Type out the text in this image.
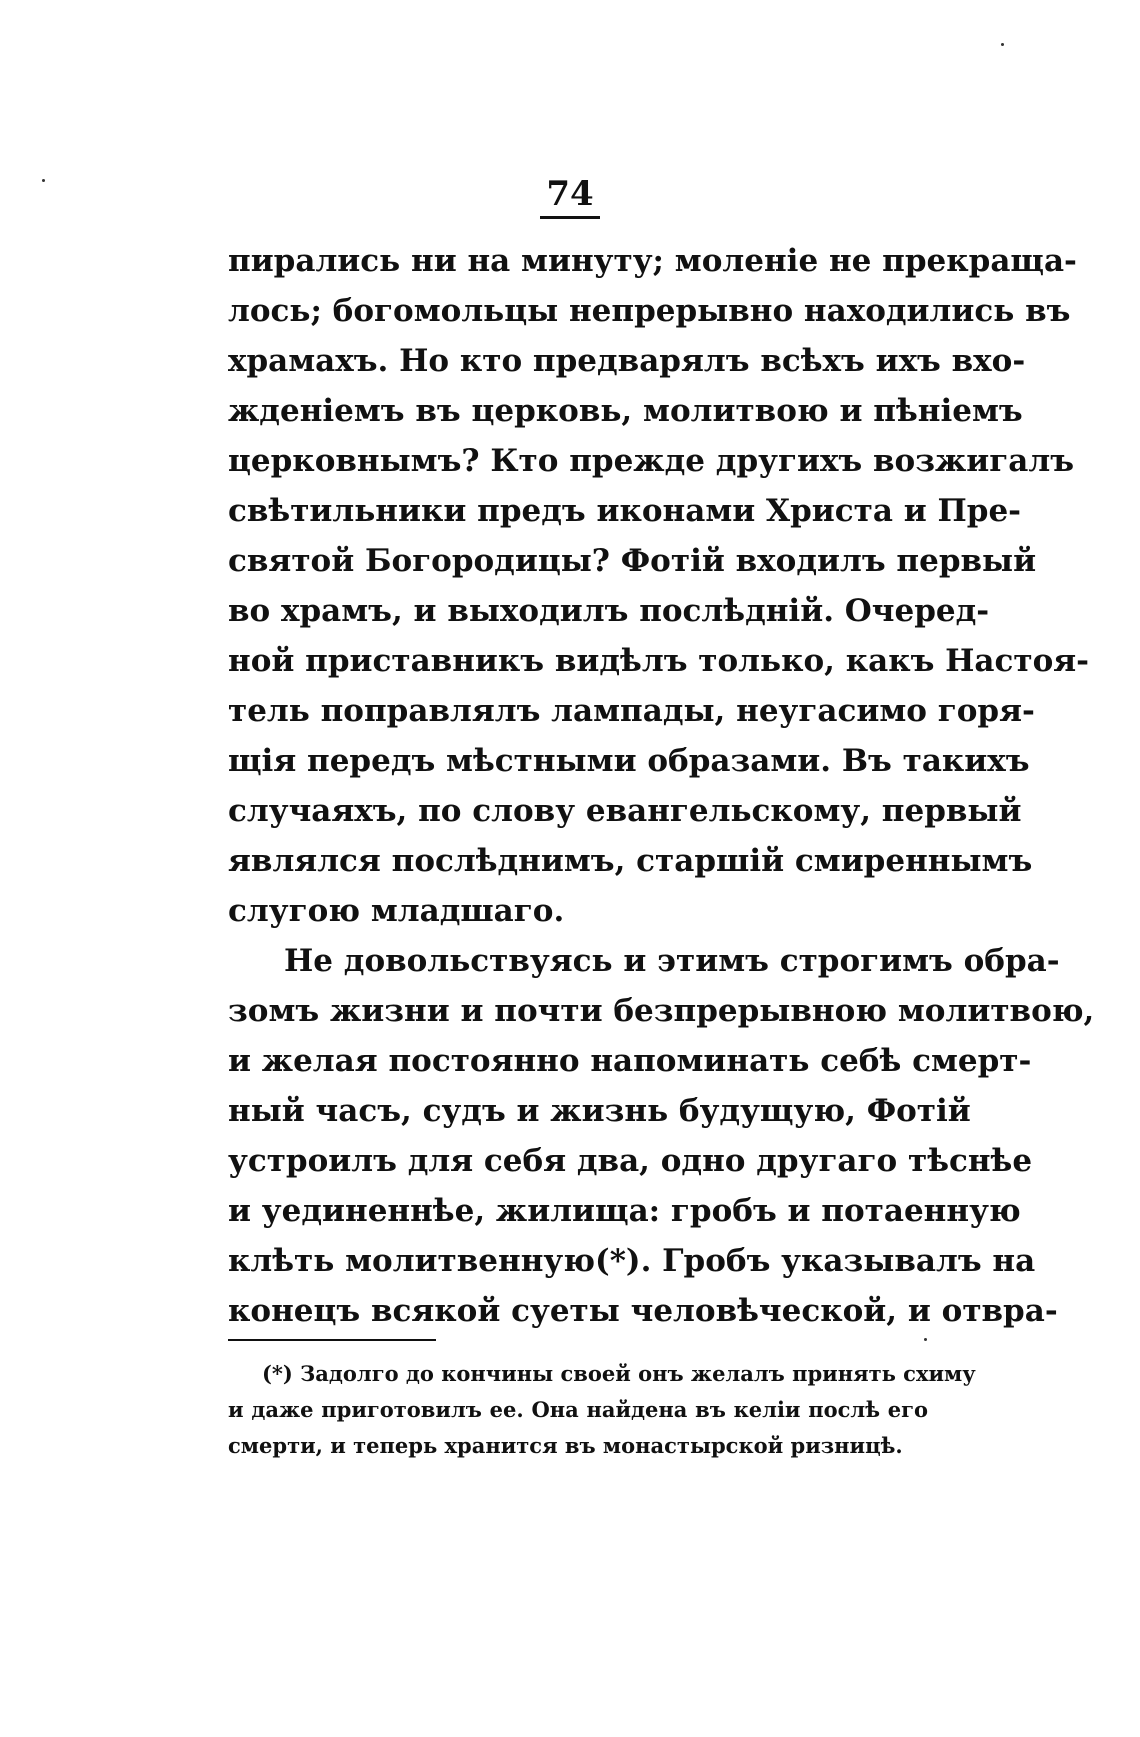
74
пирались ни на минуту; моленіе не прекраща-
лось; богомольцы непрерывно находились въ
храмахъ. Но кто предварялъ всѣхъ ихъ вхо-
жденіемъ въ церковь, молитвою и пѣніемъ
церковнымъ? Кто прежде другихъ возжигалъ
свѣтильники предъ иконами Христа и Пре-
святой Богородицы? Фотій входилъ первый
во храмъ, и выходилъ послѣдній. Очеред-
ной приставникъ видѣлъ только, какъ Настоя-
тель поправлялъ лампады, неугасимо горя-
щія передъ мѣстными образами. Въ такихъ
случаяхъ, по слову евангельскому, первый
являлся послѣднимъ, старшій смиреннымъ
слугою младшаго.
Не довольствуясь и этимъ строгимъ обра-
зомъ жизни и почти безпрерывною молитвою,
и желая постоянно напоминать себѣ смерт-
ный часъ, судъ и жизнь будущую, Фотій
устроилъ для себя два, одно другаго тѣснѣе
и уединеннѣе, жилища: гробъ и потаенную
клѣть молитвенную(*). Гробъ указывалъ на
конецъ всякой суеты человѣческой, и отвра-
(*) Задолго до кончины своей онъ желалъ принять схиму
и даже приготовилъ ее. Она найдена въ келіи послѣ его
смерти, и теперь хранится въ монастырской ризницѣ.
